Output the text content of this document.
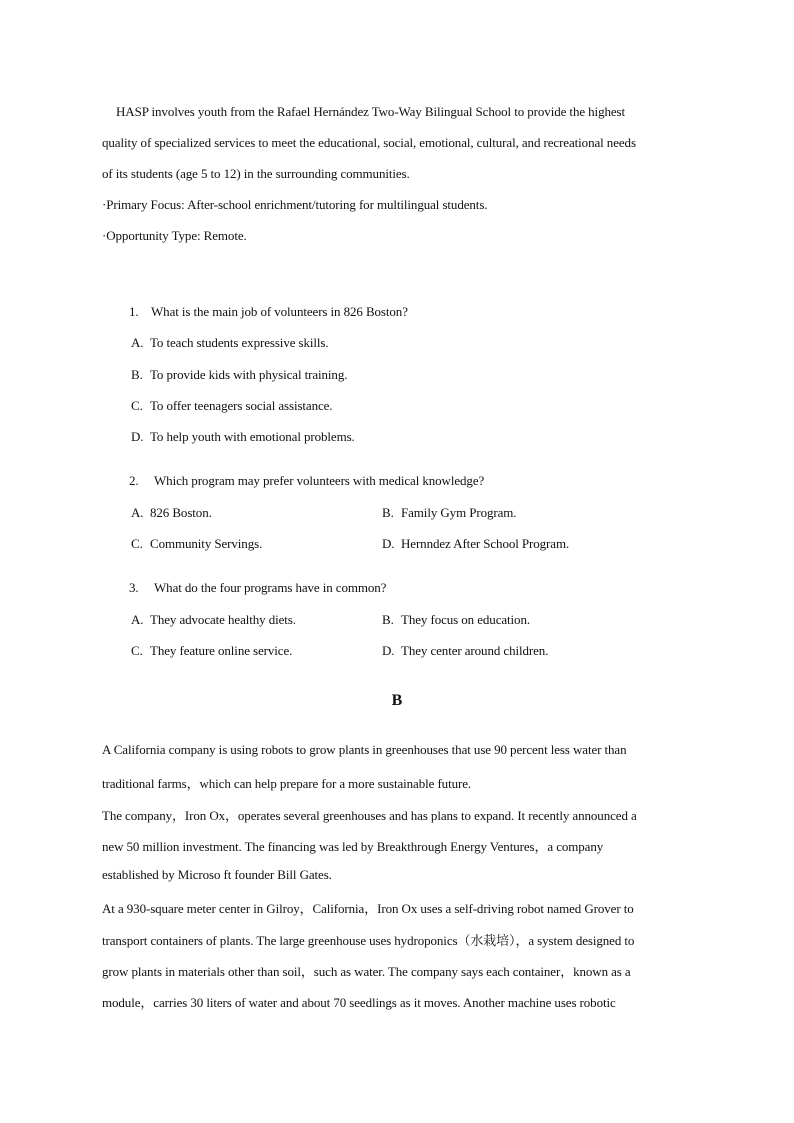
HASP involves youth from the Rafael Hernández Two-Way Bilingual School to provide the highest
quality of specialized services to meet the educational, social, emotional, cultural, and recreational needs
of its students (age 5 to 12) in the surrounding communities.
·Primary Focus: After-school enrichment/tutoring for multilingual students.
·Opportunity Type: Remote.
1. What is the main job of volunteers in 826 Boston?
A. To teach students expressive skills.
B. To provide kids with physical training.
C. To offer teenagers social assistance.
D. To help youth with emotional problems.
2. Which program may prefer volunteers with medical knowledge?
A. 826 Boston.	B. Family Gym Program.
C. Community Servings.	D. Hernndez After School Program.
3. What do the four programs have in common?
A. They advocate healthy diets.	B. They focus on education.
C. They feature online service.	D. They center around children.
B
A California company is using robots to grow plants in greenhouses that use 90 percent less water than
traditional farms，which can help prepare for a more sustainable future.
The company，Iron Ox，operates several greenhouses and has plans to expand. It recently announced a
new 50 million investment. The financing was led by Breakthrough Energy Ventures，a company
established by Microso ft founder Bill Gates.
At a 930-square meter center in Gilroy，California，Iron Ox uses a self-driving robot named Grover to
transport containers of plants. The large greenhouse uses hydroponics（水栽培），a system designed to
grow plants in materials other than soil，such as water. The company says each container，known as a
module，carries 30 liters of water and about 70 seedlings as it moves. Another machine uses robotic
